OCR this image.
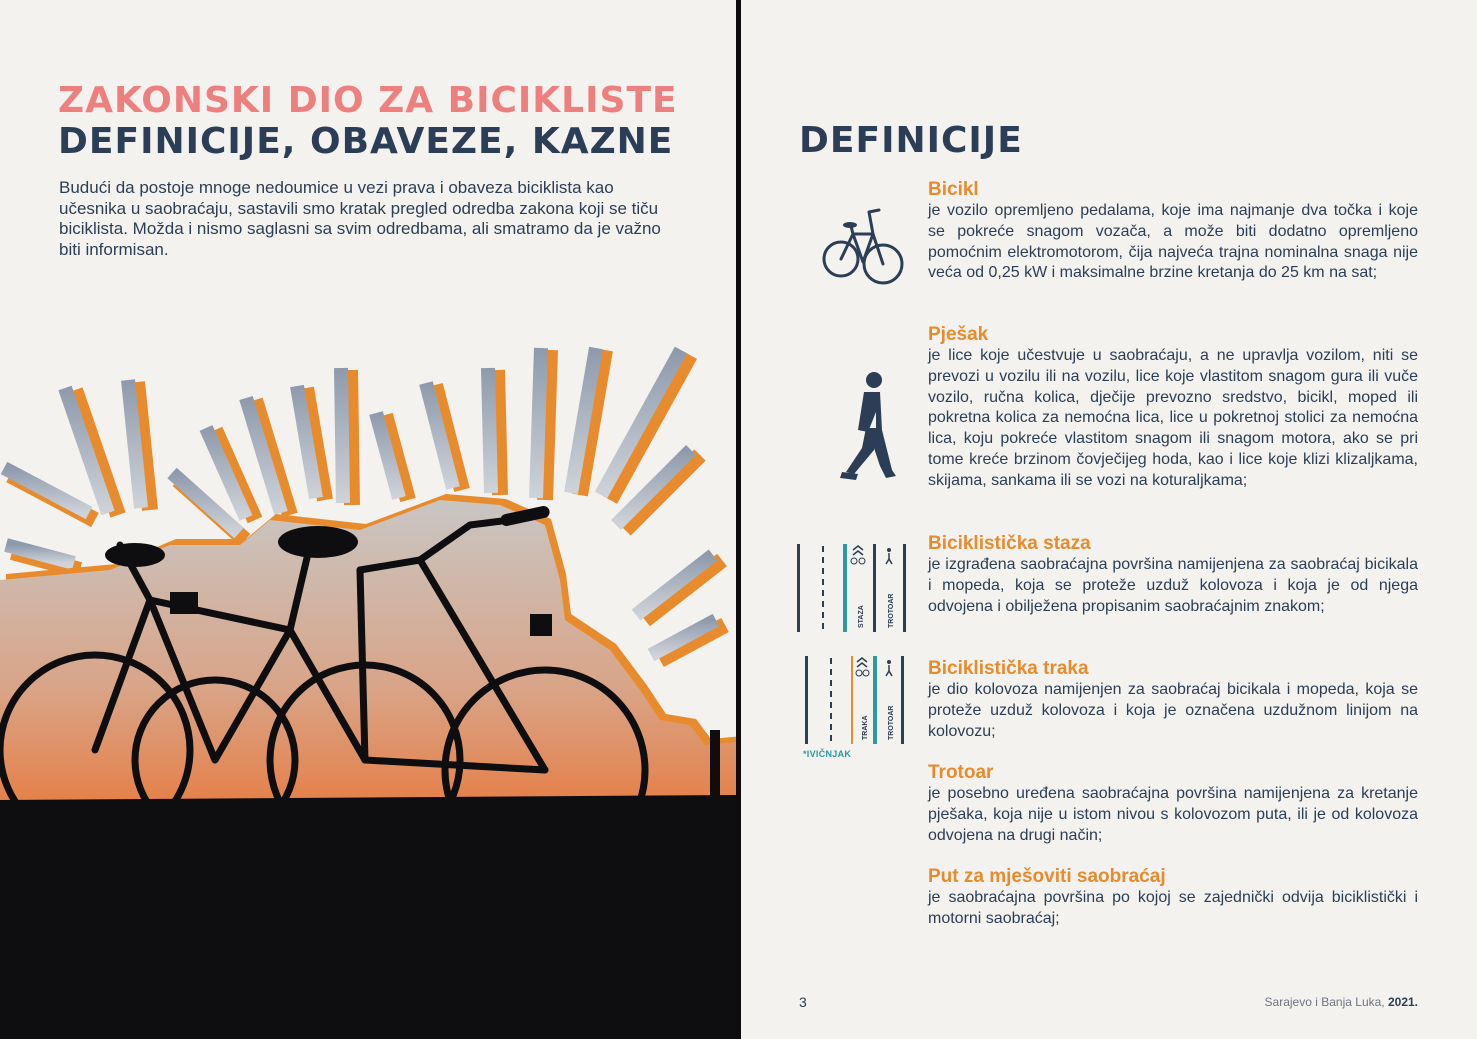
ZAKONSKI DIO ZA BICIKLISTE
DEFINICIJE, OBAVEZE, KAZNE

Budući da postoje mnoge nedoumice u vezi prava i obaveza biciklista kao učesnika u saobraćaju, sastavili smo kratak pregled odredba zakona koji se tiču biciklista. Možda i nismo saglasni sa svim odredbama, ali smatramo da je važno biti informisan.

DEFINICIJE
STAZA	TROTOAR
TRAKA	TROTOAR
*IVIČNJAK

Bicikl

je vozilo opremljeno pedalama, koje ima najmanje dva točka i koje se pokreće snagom vozača, a može biti dodatno opremljeno pomoćnim elektromotorom, čija najveća trajna nominalna snaga nije veća od 0,25 kW i maksimalne brzine kretanja do 25 km na sat;

Pješak

je lice koje učestvuje u saobraćaju, a ne upravlja vozilom, niti se prevozi u vozilu ili na vozilu, lice koje vlastitom snagom gura ili vuče vozilo, ručna kolica, dječije prevozno sredstvo, bicikl, moped ili pokretna kolica za nemoćna lica, lice u pokretnoj stolici za nemoćna lica, koju pokreće vlastitom snagom ili snagom motora, ako se pri tome kreće brzinom čovječijeg hoda, kao i lice koje klizi klizaljkama, skijama, sankama ili se vozi na koturaljkama;

Biciklistička staza

je izgrađena saobraćajna površina namijenjena za saobraćaj bicikala i mopeda, koja se proteže uzduž kolovoza i koja je od njega odvojena i obilježena propisanim saobraćajnim znakom;

Biciklistička traka

je dio kolovoza namijenjen za saobraćaj bicikala i mopeda, koja se proteže uzduž kolovoza i koja je označena uzdužnom linijom na kolovozu;

Trotoar

je posebno uređena saobraćajna površina namijenjena za kretanje pješaka, koja nije u istom nivou s kolovozom puta, ili je od kolovoza odvojena na drugi način;

Put za mješoviti saobraćaj

je saobraćajna površina po kojoj se zajednički odvija biciklistički i motorni saobraćaj;

3	Sarajevo i Banja Luka, 2021.
